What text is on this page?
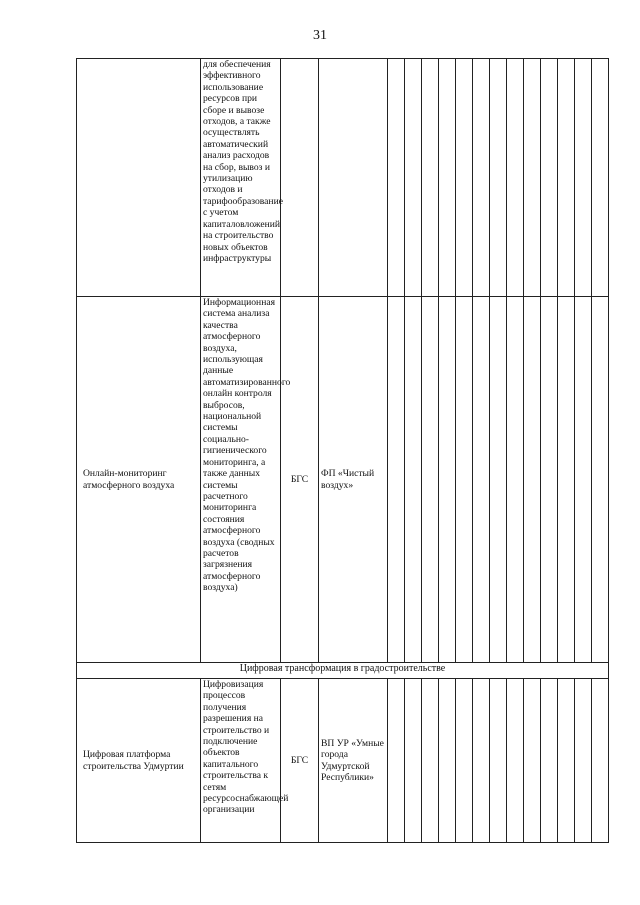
31
	для обеспечения эффективного использование ресурсов при сборе и вывозе отходов, а также осуществлять автоматический анализ расходов на сбор, вывоз и утилизацию отходов и тарифообразование с учетом капиталовложений на строительство новых объектов инфраструктуры															
Онлайн-мониторинг атмосферного воздуха	Информационная система анализа качества атмосферного воздуха, использующая данные автоматизированного онлайн контроля выбросов, национальной системы социально-гигиенического мониторинга, а также данных системы расчетного мониторинга состояния атмосферного воздуха (сводных расчетов загрязнения атмосферного воздуха)	БГС	ФП «Чистый воздух»													
Цифровая трансформация в градостроительстве																
Цифровая платформа строительства Удмуртии	Цифровизация процессов получения разрешения на строительство и подключение объектов капитального строительства к сетям ресурсоснабжающей организации	БГС	ВП УР «Умные города Удмуртской Республики»													
